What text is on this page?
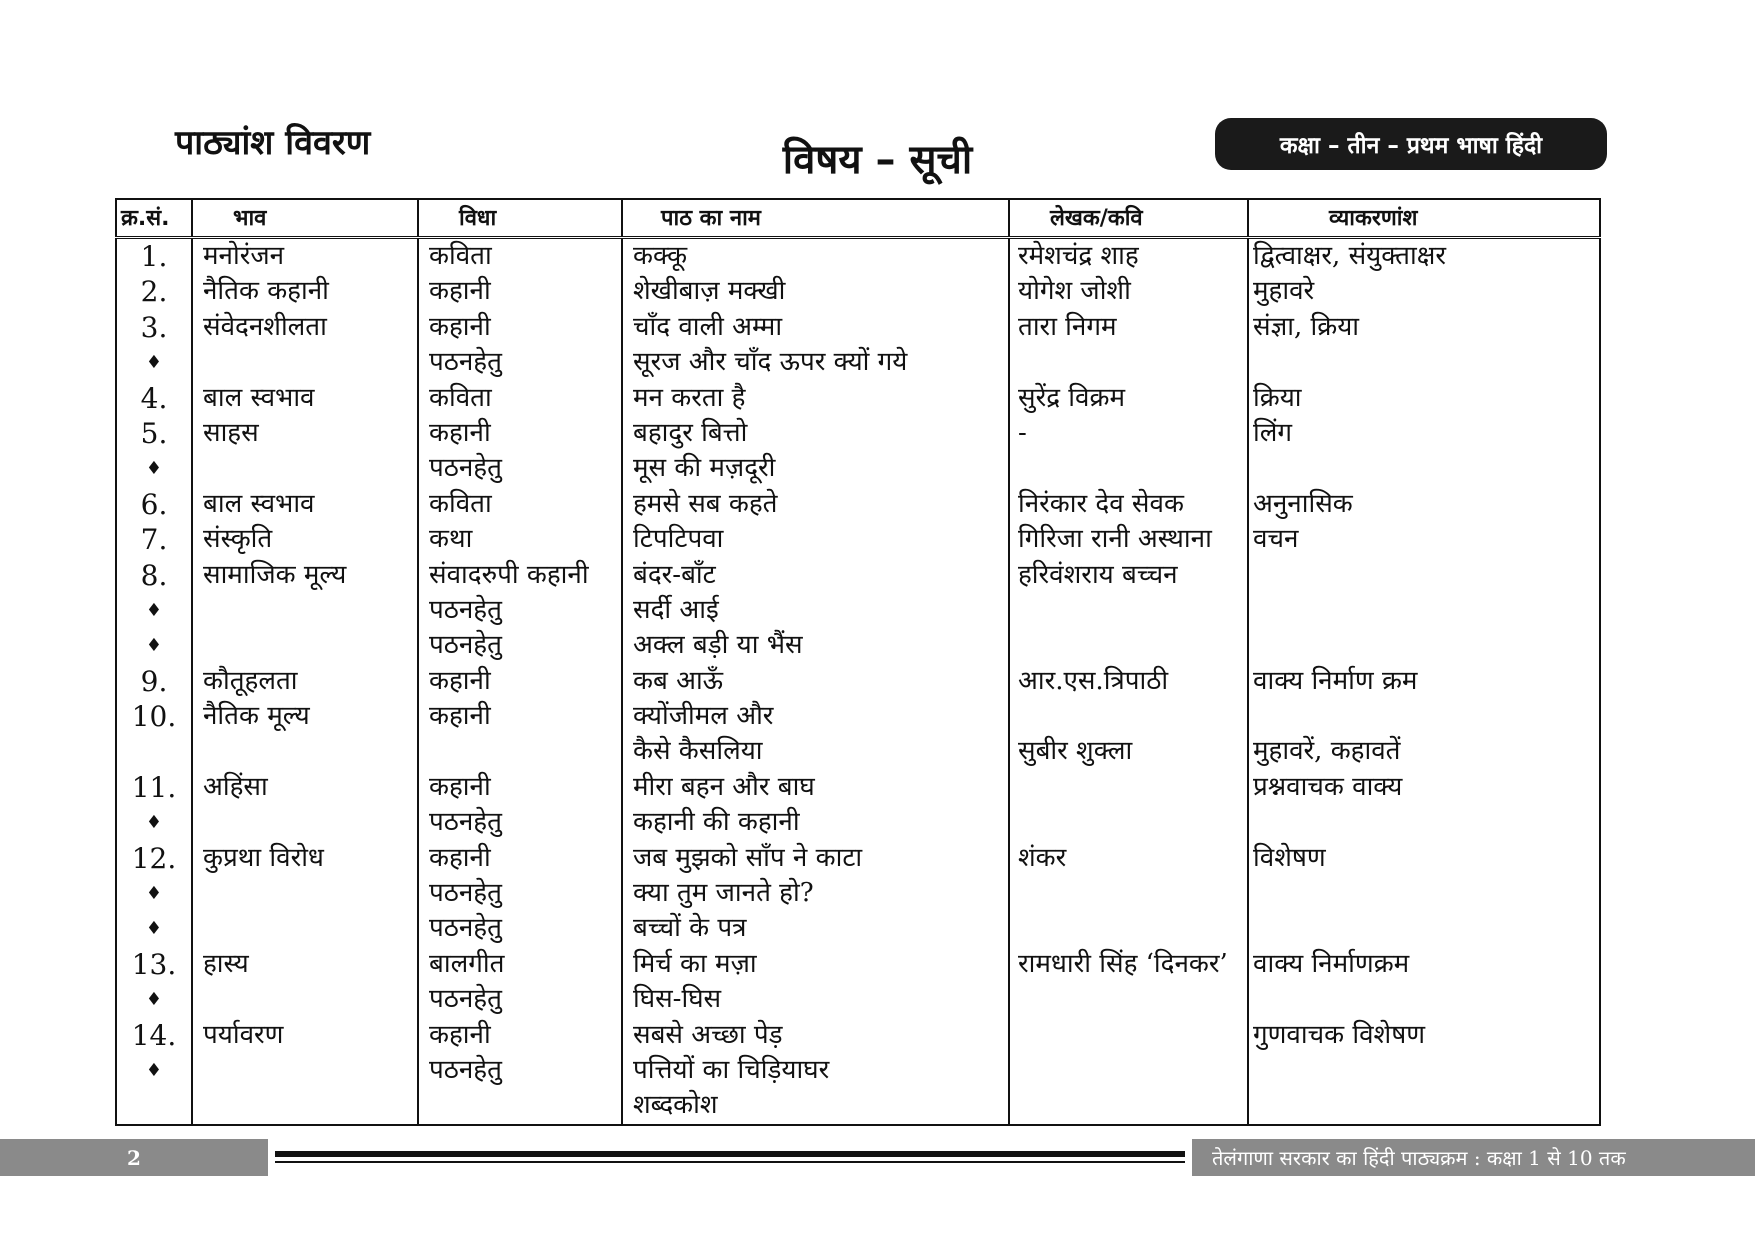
पाठ्यांश विवरण	विषय – सूची	कक्षा – तीन – प्रथम भाषा हिंदी
क्र.सं.	भाव	विधा	पाठ का नाम	लेखक/कवि	व्याकरणांश
1.	मनोरंजन	कविता	कक्कू	रमेशचंद्र शाह	द्वित्वाक्षर, संयुक्ताक्षर
2.	नैतिक कहानी	कहानी	शेखीबाज़ मक्खी	योगेश जोशी	मुहावरे
3.	संवेदनशीलता	कहानी	चाँद वाली अम्मा	तारा निगम	संज्ञा, क्रिया
♦		पठनहेतु	सूरज और चाँद ऊपर क्यों गये		
4.	बाल स्वभाव	कविता	मन करता है	सुरेंद्र विक्रम	क्रिया
5.	साहस	कहानी	बहादुर बित्तो	-	लिंग
♦		पठनहेतु	मूस की मज़दूरी		
6.	बाल स्वभाव	कविता	हमसे सब कहते	निरंकार देव सेवक	अनुनासिक
7.	संस्कृति	कथा	टिपटिपवा	गिरिजा रानी अस्थाना	वचन
8.	सामाजिक मूल्य	संवादरुपी कहानी	बंदर-बाँट	हरिवंशराय बच्चन	
♦		पठनहेतु	सर्दी आई		
♦		पठनहेतु	अक्ल बड़ी या भैंस		
9.	कौतूहलता	कहानी	कब आऊँ	आर.एस.त्रिपाठी	वाक्य निर्माण क्रम
10.	नैतिक मूल्य	कहानी	क्योंजीमल और		
			कैसे कैसलिया	सुबीर शुक्ला	मुहावरें, कहावतें
11.	अहिंसा	कहानी	मीरा बहन और बाघ		प्रश्नवाचक वाक्य
♦		पठनहेतु	कहानी की कहानी		
12.	कुप्रथा विरोध	कहानी	जब मुझको साँप ने काटा	शंकर	विशेषण
♦		पठनहेतु	क्या तुम जानते हो?		
♦		पठनहेतु	बच्चों के पत्र		
13.	हास्य	बालगीत	मिर्च का मज़ा	रामधारी सिंह ‘दिनकर’	वाक्य निर्माणक्रम
♦		पठनहेतु	घिस-घिस		
14.	पर्यावरण	कहानी	सबसे अच्छा पेड़		गुणवाचक विशेषण
♦		पठनहेतु	पत्तियों का चिड़ियाघर		
			शब्दकोश		
2	तेलंगाणा सरकार का हिंदी पाठ्यक्रम : कक्षा 1 से 10 तक
